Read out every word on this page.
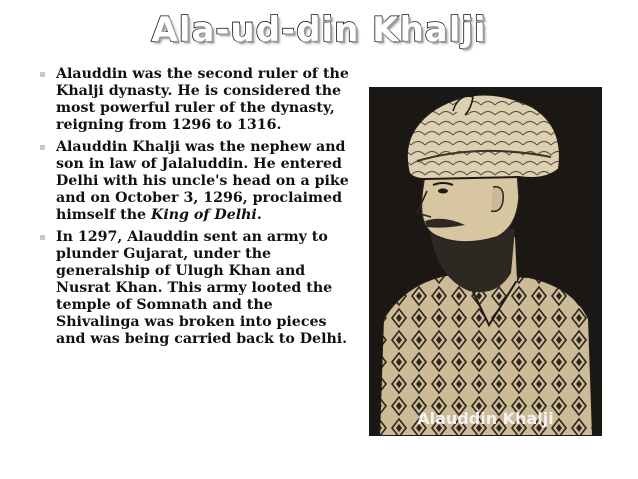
Ala-ud-din Khalji
Alauddin was the second ruler of the Khalji dynasty. He is considered the most powerful ruler of the dynasty, reigning from 1296 to 1316.
Alauddin Khalji was the nephew and son in law of Jalaluddin. He entered Delhi with his uncle's head on a pike and on October 3, 1296, proclaimed himself the King of Delhi.
In 1297, Alauddin sent an army to plunder Gujarat, under the generalship of Ulugh Khan and Nusrat Khan. This army looted the temple of Somnath and the Shivalinga was broken into pieces and was being carried back to Delhi.
Alauddin Khalji
